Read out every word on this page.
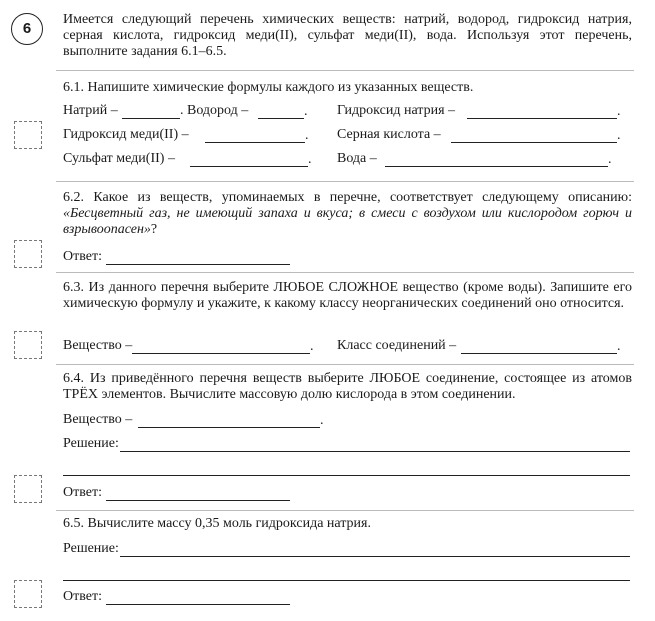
6
Имеется следующий перечень химических веществ: натрий, водород, гидроксид натрия, серная кислота, гидроксид меди(II), сульфат меди(II), вода. Используя этот перечень, выполните задания 6.1–6.5.
6.1. Напишите химические формулы каждого из указанных веществ.
Натрий –	. Водород –	. Гидроксид натрия –	.
Гидроксид меди(II) –	. Серная кислота –	.
Сульфат меди(II) –	. Вода –	.
6.2. Какое из веществ, упоминаемых в перечне, соответствует следующему описанию: «Бесцветный газ, не имеющий запаха и вкуса; в смеси с воздухом или кислородом горюч и взрывоопасен»?
Ответ:
6.3. Из данного перечня выберите ЛЮБОЕ СЛОЖНОЕ вещество (кроме воды). Запишите его химическую формулу и укажите, к какому классу неорганических соединений оно относится.
Вещество –	. Класс соединений –	.
6.4. Из приведённого перечня веществ выберите ЛЮБОЕ соединение, состоящее из атомов ТРЁХ элементов. Вычислите массовую долю кислорода в этом соединении.
Вещество –	.
Решение:
Ответ:
6.5. Вычислите массу 0,35 моль гидроксида натрия.
Решение:
Ответ:
